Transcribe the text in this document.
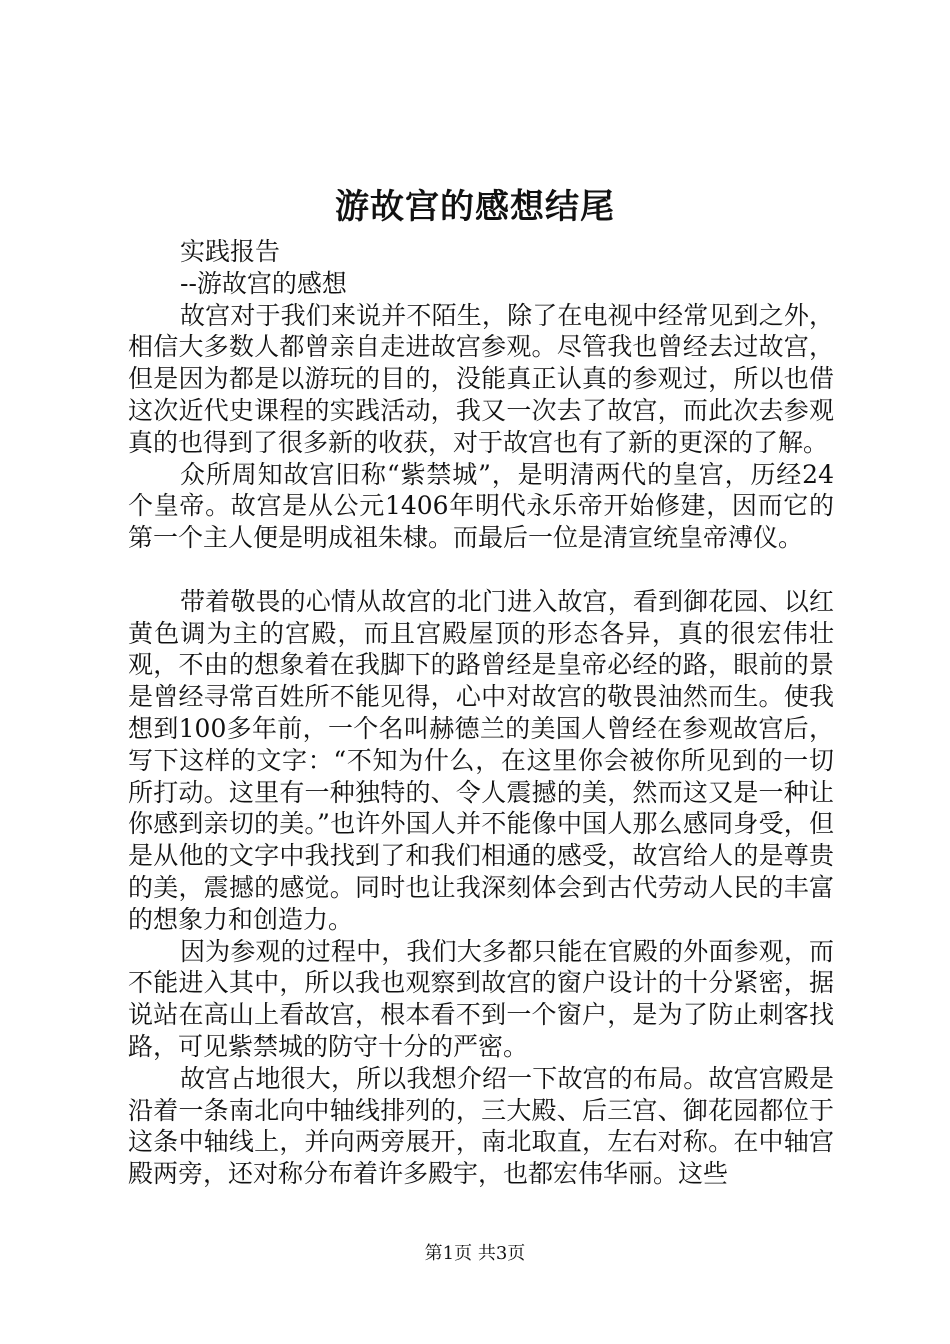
游故宫的感想结尾
实践报告
--游故宫的感想

故宫对于我们来说并不陌生，除了在电视中经常见到之外，相信大多数人都曾亲自走进故宫参观。尽管我也曾经去过故宫，但是因为都是以游玩的目的，没能真正认真的参观过，所以也借这次近代史课程的实践活动，我又一次去了故宫，而此次去参观真的也得到了很多新的收获，对于故宫也有了新的更深的了解。

众所周知故宫旧称“紫禁城”，是明清两代的皇宫，历经24个皇帝。故宫是从公元1406年明代永乐帝开始修建，因而它的第一个主人便是明成祖朱棣。而最后一位是清宣统皇帝溥仪。

带着敬畏的心情从故宫的北门进入故宫，看到御花园、以红黄色调为主的宫殿，而且宫殿屋顶的形态各异，真的很宏伟壮观，不由的想象着在我脚下的路曾经是皇帝必经的路，眼前的景是曾经寻常百姓所不能见得，心中对故宫的敬畏油然而生。使我想到100多年前，一个名叫赫德兰的美国人曾经在参观故宫后，写下这样的文字：“不知为什么，在这里你会被你所见到的一切所打动。这里有一种独特的、令人震撼的美，然而这又是一种让你感到亲切的美。”也许外国人并不能像中国人那么感同身受，但是从他的文字中我找到了和我们相通的感受，故宫给人的是尊贵的美，震撼的感觉。同时也让我深刻体会到古代劳动人民的丰富的想象力和创造力。

因为参观的过程中，我们大多都只能在官殿的外面参观，而不能进入其中，所以我也观察到故宫的窗户设计的十分紧密，据说站在高山上看故宫，根本看不到一个窗户，是为了防止刺客找路，可见紫禁城的防守十分的严密。

故宫占地很大，所以我想介绍一下故宫的布局。故宫宫殿是沿着一条南北向中轴线排列的，三大殿、后三宫、御花园都位于这条中轴线上，并向两旁展开，南北取直，左右对称。在中轴宫殿两旁，还对称分布着许多殿宇，也都宏伟华丽。这些

第1页 共3页
